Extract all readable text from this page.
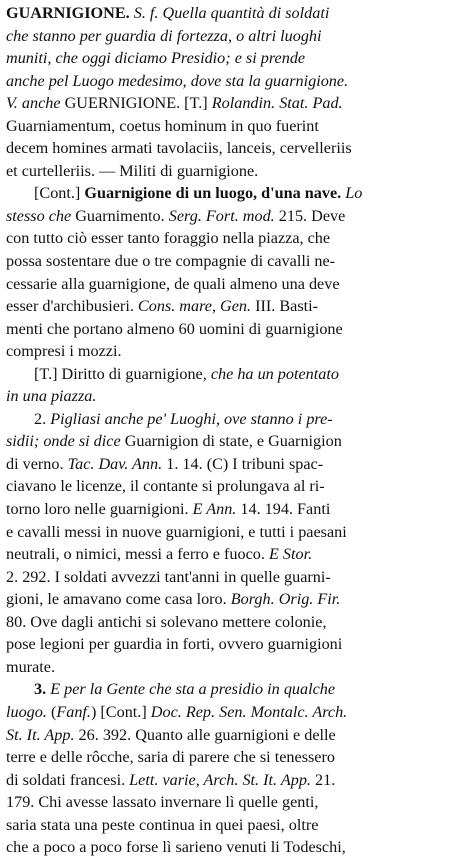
GUARNIGIONE. S. f. Quella quantità di soldati
che stanno per guardia di fortezza, o altri luoghi
muniti, che oggi diciamo Presidio; e si prende
anche pel Luogo medesimo, dove sta la guarnigione.
V. anche GUERNIGIONE. [T.] Rolandin. Stat. Pad.
Guarniamentum, coetus hominum in quo fuerint
decem homines armati tavolaciis, lanceis, cervelleriis
et curtelleriis. — Militi di guarnigione.
[Cont.] Guarnigione di un luogo, d'una nave. Lo
stesso che Guarnimento. Serg. Fort. mod. 215. Deve
con tutto ciò esser tanto foraggio nella piazza, che
possa sostentare due o tre compagnie di cavalli ne-
cessarie alla guarnigione, de quali almeno una deve
esser d'archibusieri. Cons. mare, Gen. III. Basti-
menti che portano almeno 60 uomini di guarnigione
compresi i mozzi.
[T.] Diritto di guarnigione, che ha un potentato
in una piazza.
2. Pigliasi anche pe' Luoghi, ove stanno i pre-
sidii; onde si dice Guarnigion di state, e Guarnigion
di verno. Tac. Dav. Ann. 1. 14. (C) I tribuni spac-
ciavano le licenze, il contante si prolungava al ri-
torno loro nelle guarnigioni. E Ann. 14. 194. Fanti
e cavalli messi in nuove guarnigioni, e tutti i paesani
neutrali, o nimici, messi a ferro e fuoco. E Stor.
2. 292. I soldati avvezzi tant'anni in quelle guarni-
gioni, le amavano come casa loro. Borgh. Orig. Fir.
80. Ove dagli antichi si solevano mettere colonie,
pose legioni per guardia in forti, ovvero guarnigioni
murate.
3. E per la Gente che sta a presidio in qualche
luogo. (Fanf.) [Cont.] Doc. Rep. Sen. Montalc. Arch.
St. It. App. 26. 392. Quanto alle guarnigioni e delle
terre e delle rôcche, saria di parere che si tenessero
di soldati francesi. Lett. varie, Arch. St. It. App. 21.
179. Chi avesse lassato invernare lì quelle genti,
saria stata una peste continua in quei paesi, oltre
che a poco a poco forse lì sarieno venuti li Todeschi,
